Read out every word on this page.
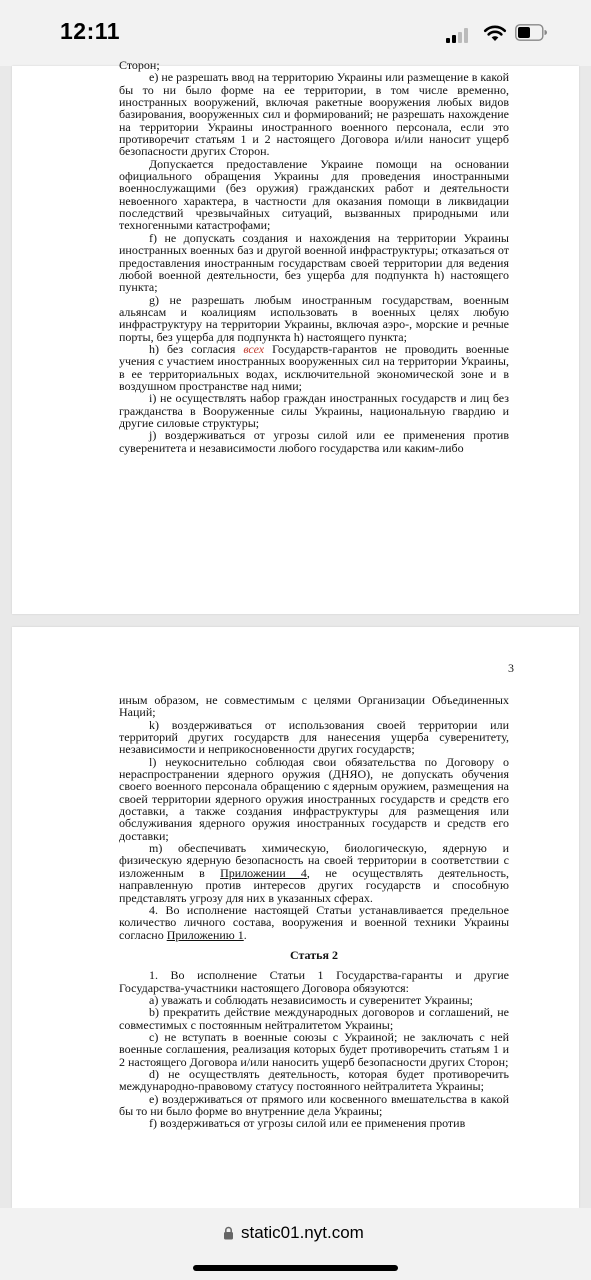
12:11

Сторон;

e) не разрешать ввод на территорию Украины или размещение в какой бы то ни было форме на ее территории, в том числе временно, иностранных вооружений, включая ракетные вооружения любых видов базирования, вооруженных сил и формирований; не разрешать нахождение на территории Украины иностранного военного персонала, если это противоречит статьям 1 и 2 настоящего Договора и/или наносит ущерб безопасности других Сторон.

Допускается предоставление Украине помощи на основании официального обращения Украины для проведения иностранными военнослужащими (без оружия) гражданских работ и деятельности невоенного характера, в частности для оказания помощи в ликвидации последствий чрезвычайных ситуаций, вызванных природными или техногенными катастрофами;

f) не допускать создания и нахождения на территории Украины иностранных военных баз и другой военной инфраструктуры; отказаться от предоставления иностранным государствам своей территории для ведения любой военной деятельности, без ущерба для подпункта h) настоящего пункта;

g) не разрешать любым иностранным государствам, военным альянсам и коалициям использовать в военных целях любую инфраструктуру на территории Украины, включая аэро-, морские и речные порты, без ущерба для подпункта h) настоящего пункта;

h) без согласия всех Государств-гарантов не проводить военные учения с участием иностранных вооруженных сил на территории Украины, в ее территориальных водах, исключительной экономической зоне и в воздушном пространстве над ними;

i) не осуществлять набор граждан иностранных государств и лиц без гражданства в Вооруженные силы Украины, национальную гвардию и другие силовые структуры;

j) воздерживаться от угрозы силой или ее применения против суверенитета и независимости любого государства или каким-либо

3

иным образом, не совместимым с целями Организации Объединенных Наций;

k) воздерживаться от использования своей территории или территорий других государств для нанесения ущерба суверенитету, независимости и неприкосновенности других государств;

l) неукоснительно соблюдая свои обязательства по Договору о нераспространении ядерного оружия (ДНЯО), не допускать обучения своего военного персонала обращению с ядерным оружием, размещения на своей территории ядерного оружия иностранных государств и средств его доставки, а также создания инфраструктуры для размещения или обслуживания ядерного оружия иностранных государств и средств его доставки;

m) обеспечивать химическую, биологическую, ядерную и физическую ядерную безопасность на своей территории в соответствии с изложенным в Приложении 4, не осуществлять деятельность, направленную против интересов других государств и способную представлять угрозу для них в указанных сферах.

4. Во исполнение настоящей Статьи устанавливается предельное количество личного состава, вооружения и военной техники Украины согласно Приложению 1.

Статья 2

1. Во исполнение Статьи 1 Государства-гаранты и другие Государства-участники настоящего Договора обязуются:

a) уважать и соблюдать независимость и суверенитет Украины;

b) прекратить действие международных договоров и соглашений, не совместимых с постоянным нейтралитетом Украины;

c) не вступать в военные союзы с Украиной; не заключать с ней военные соглашения, реализация которых будет противоречить статьям 1 и 2 настоящего Договора и/или наносить ущерб безопасности других Сторон;

d) не осуществлять деятельность, которая будет противоречить международно-правовому статусу постоянного нейтралитета Украины;

e) воздерживаться от прямого или косвенного вмешательства в какой бы то ни было форме во внутренние дела Украины;

f) воздерживаться от угрозы силой или ее применения против

static01.nyt.com
